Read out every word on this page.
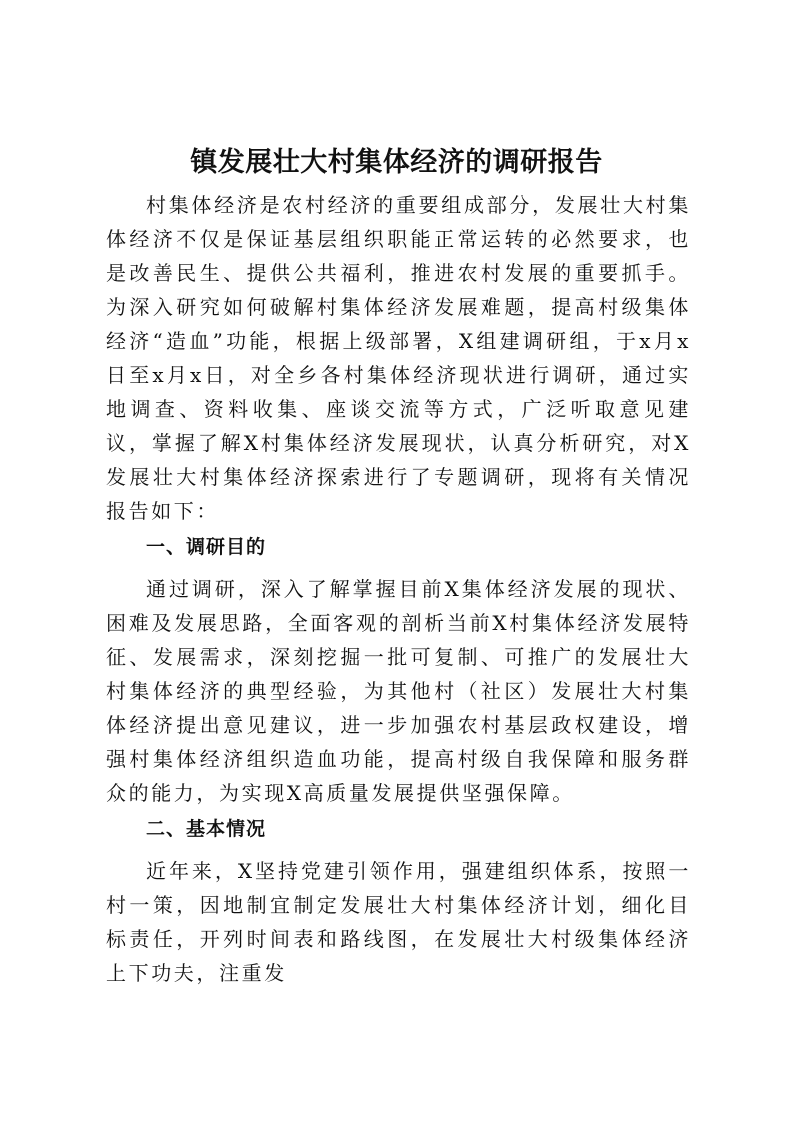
镇发展壮大村集体经济的调研报告

村集体经济是农村经济的重要组成部分，发展壮大村集体经济不仅是保证基层组织职能正常运转的必然要求，也是改善民生、提供公共福利，推进农村发展的重要抓手。为深入研究如何破解村集体经济发展难题，提高村级集体经济“造血”功能，根据上级部署，X组建调研组，于x月x日至x月x日，对全乡各村集体经济现状进行调研，通过实地调查、资料收集、座谈交流等方式，广泛听取意见建议，掌握了解X村集体经济发展现状，认真分析研究，对X发展壮大村集体经济探索进行了专题调研，现将有关情况报告如下：

一、调研目的

通过调研，深入了解掌握目前X集体经济发展的现状、困难及发展思路，全面客观的剖析当前X村集体经济发展特征、发展需求，深刻挖掘一批可复制、可推广的发展壮大村集体经济的典型经验，为其他村（社区）发展壮大村集体经济提出意见建议，进一步加强农村基层政权建设，增强村集体经济组织造血功能，提高村级自我保障和服务群众的能力，为实现X高质量发展提供坚强保障。

二、基本情况

近年来，X坚持党建引领作用，强建组织体系，按照一村一策，因地制宜制定发展壮大村集体经济计划，细化目标责任，开列时间表和路线图，在发展壮大村级集体经济上下功夫，注重发
